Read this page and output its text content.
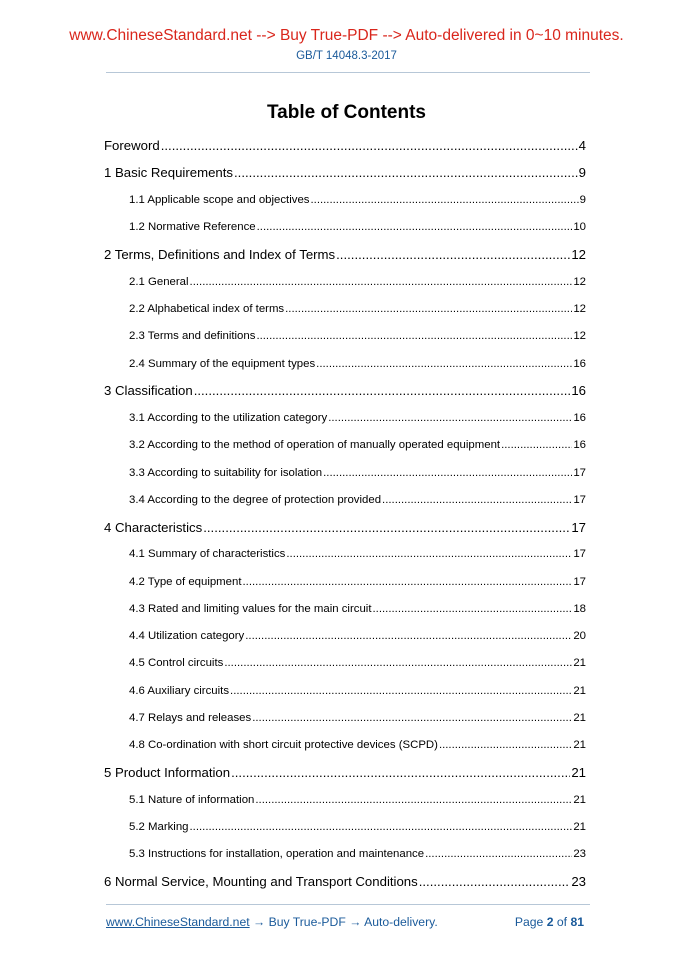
www.ChineseStandard.net --> Buy True-PDF --> Auto-delivered in 0~10 minutes.
GB/T 14048.3-2017
Table of Contents
Foreword .....	4
1 Basic Requirements .....	9
1.1 Applicable scope and objectives .....	9
1.2 Normative Reference .....	10
2 Terms, Definitions and Index of Terms .....	12
2.1 General .....	12
2.2 Alphabetical index of terms .....	12
2.3 Terms and definitions .....	12
2.4 Summary of the equipment types .....	16
3 Classification .....	16
3.1 According to the utilization category .....	16
3.2 According to the method of operation of manually operated equipment .....	16
3.3 According to suitability for isolation .....	17
3.4 According to the degree of protection provided .....	17
4 Characteristics .....	17
4.1 Summary of characteristics .....	17
4.2 Type of equipment .....	17
4.3 Rated and limiting values for the main circuit .....	18
4.4 Utilization category .....	20
4.5 Control circuits .....	21
4.6 Auxiliary circuits .....	21
4.7 Relays and releases .....	21
4.8 Co-ordination with short circuit protective devices (SCPD) .....	21
5 Product Information .....	21
5.1 Nature of information .....	21
5.2 Marking .....	21
5.3 Instructions for installation, operation and maintenance .....	23
6 Normal Service, Mounting and Transport Conditions .....	23
www.ChineseStandard.net → Buy True-PDF → Auto-delivery.	Page 2 of 81
